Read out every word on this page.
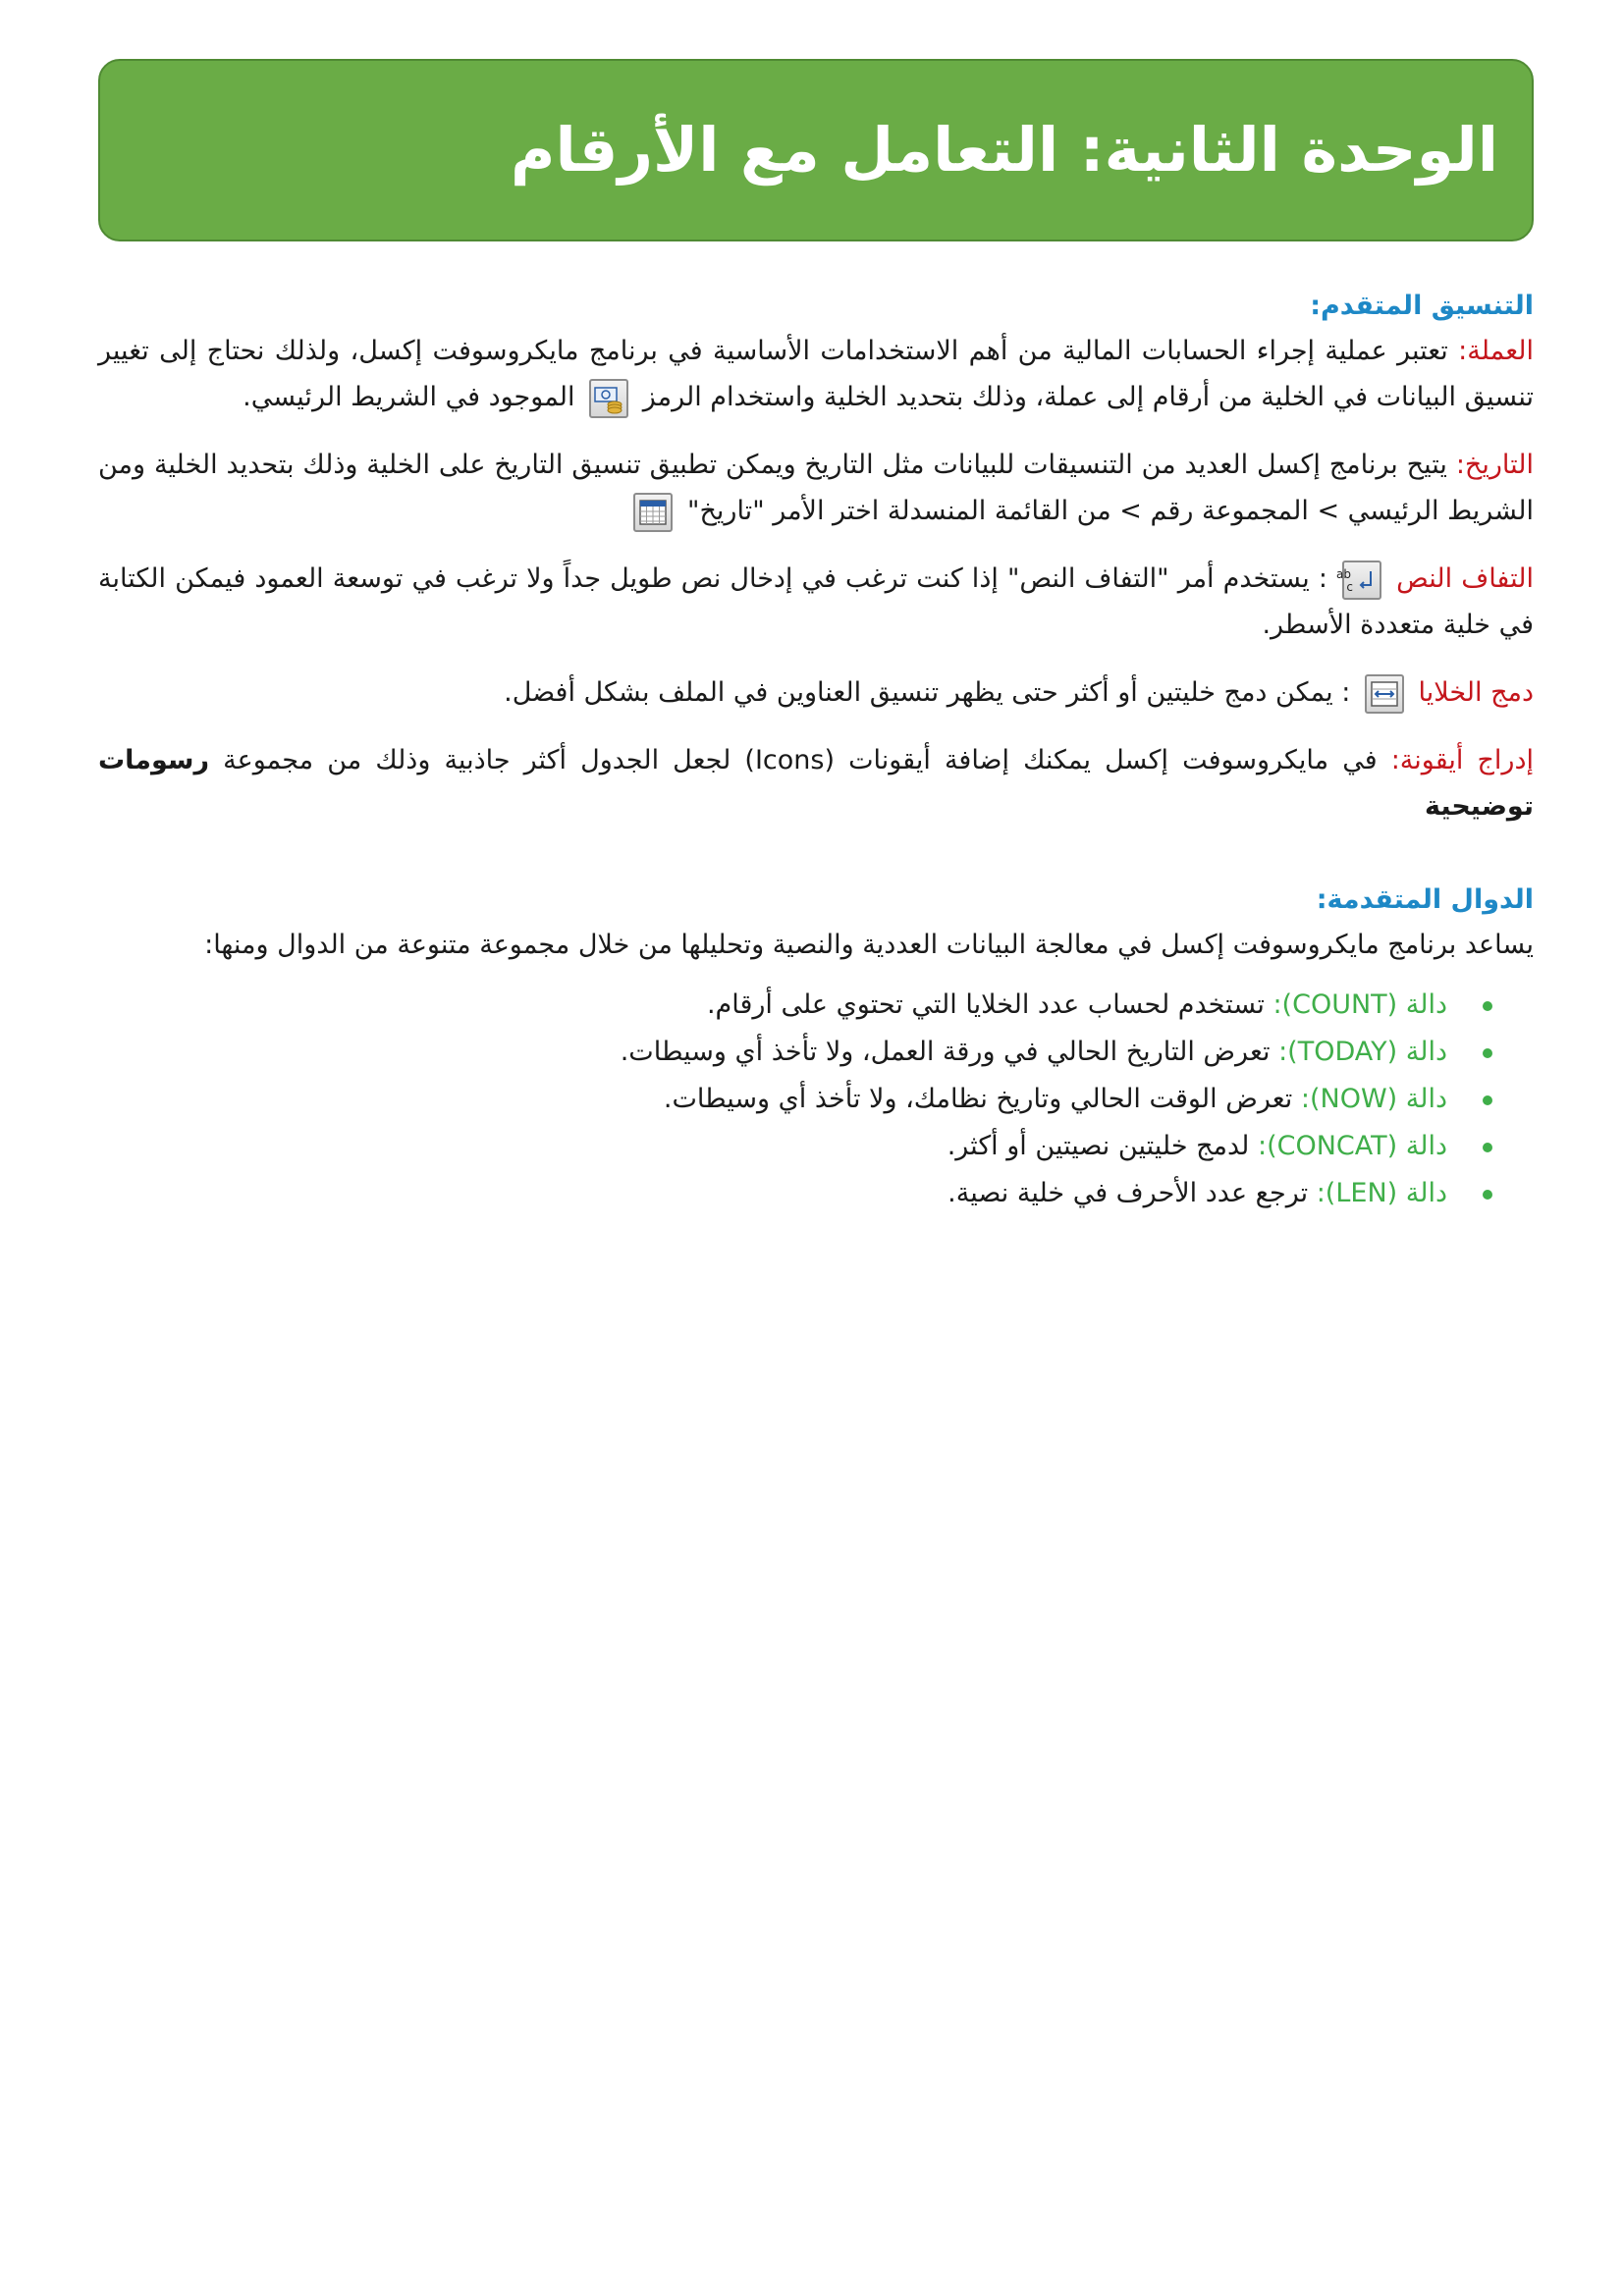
الوحدة الثانية: التعامل مع الأرقام
التنسيق المتقدم:

العملة: تعتبر عملية إجراء الحسابات المالية من أهم الاستخدامات الأساسية في برنامج مايكروسوفت إكسل، ولذلك نحتاج إلى تغيير تنسيق البيانات في الخلية من أرقام إلى عملة، وذلك بتحديد الخلية واستخدام الرمز
الموجود في الشريط الرئيسي.

التاريخ: يتيح برنامج إكسل العديد من التنسيقات للبيانات مثل التاريخ ويمكن تطبيق تنسيق التاريخ على الخلية وذلك بتحديد الخلية ومن الشريط الرئيسي > المجموعة رقم > من القائمة المنسدلة اختر الأمر "تاريخ"

التفاف النص
ab
c
: يستخدم أمر "التفاف النص" إذا كنت ترغب في إدخال نص طويل جداً ولا ترغب في توسعة العمود فيمكن الكتابة في خلية متعددة الأسطر.

دمج الخلايا
: يمكن دمج خليتين أو أكثر حتى يظهر تنسيق العناوين في الملف بشكل أفضل.

إدراج أيقونة: في مايكروسوفت إكسل يمكنك إضافة أيقونات (Icons) لجعل الجدول أكثر جاذبية وذلك من مجموعة رسومات توضيحية

الدوال المتقدمة:

يساعد برنامج مايكروسوفت إكسل في معالجة البيانات العددية والنصية وتحليلها من خلال مجموعة متنوعة من الدوال ومنها:

دالة (COUNT): تستخدم لحساب عدد الخلايا التي تحتوي على أرقام.
دالة (TODAY): تعرض التاريخ الحالي في ورقة العمل، ولا تأخذ أي وسيطات.
دالة (NOW): تعرض الوقت الحالي وتاريخ نظامك، ولا تأخذ أي وسيطات.
دالة (CONCAT): لدمج خليتين نصيتين أو أكثر.
دالة (LEN): ترجع عدد الأحرف في خلية نصية.
